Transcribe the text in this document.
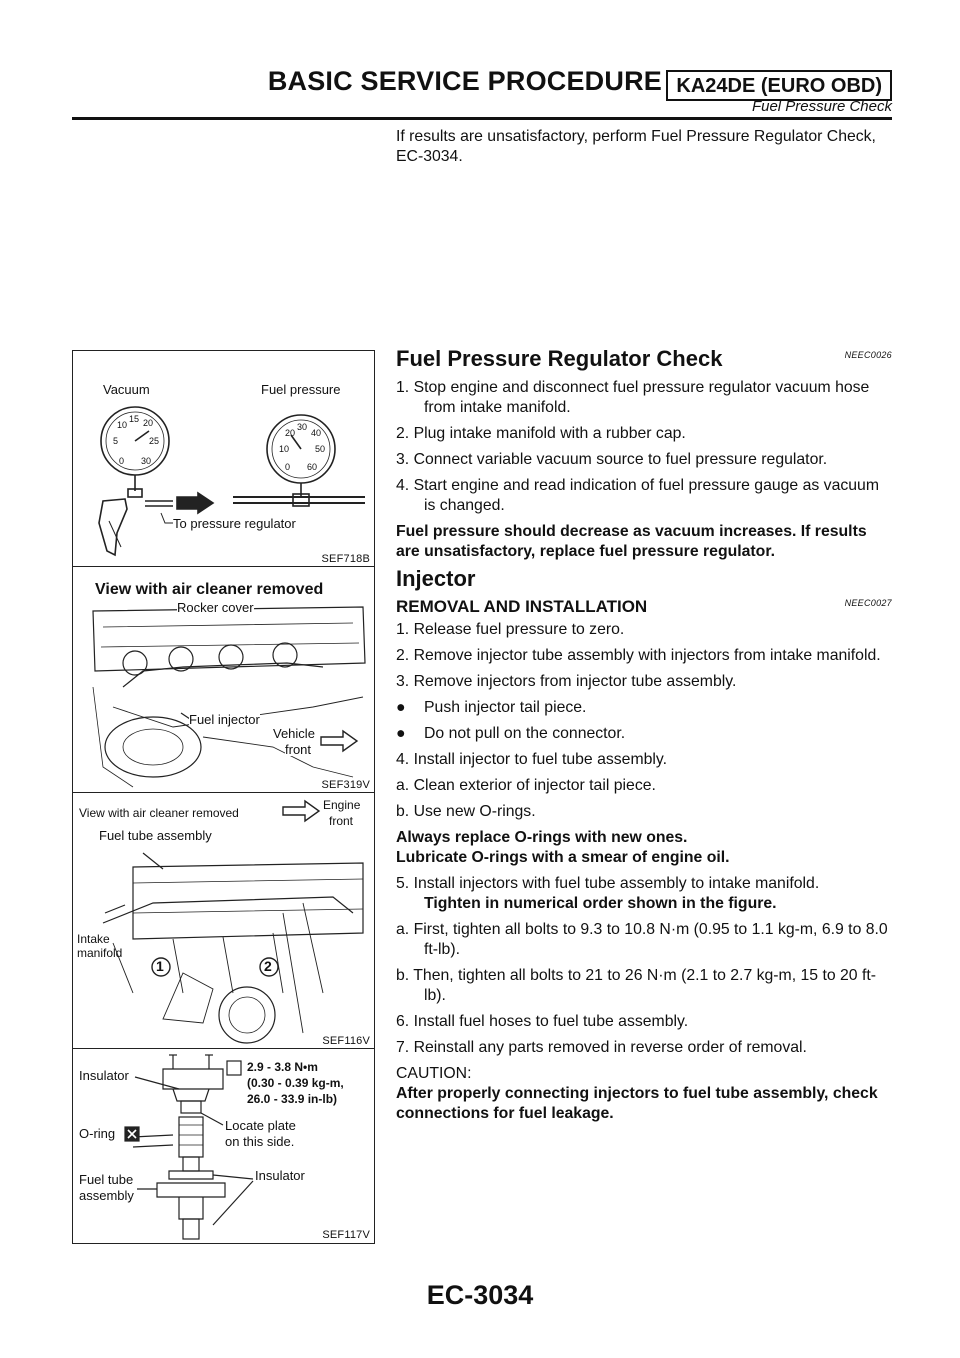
BASIC SERVICE PROCEDURE KA24DE (EURO OBD)
Fuel Pressure Check

If results are unsatisfactory, perform Fuel Pressure Regulator Check, EC-3034.

Fuel Pressure Regulator Check	NEEC0026

1. Stop engine and disconnect fuel pressure regulator vacuum hose from intake manifold.

2. Plug intake manifold with a rubber cap.

3. Connect variable vacuum source to fuel pressure regulator.

4. Start engine and read indication of fuel pressure gauge as vacuum is changed.

Fuel pressure should decrease as vacuum increases. If results are unsatisfactory, replace fuel pressure regulator.

Injector
REMOVAL AND INSTALLATION	NEEC0027

1. Release fuel pressure to zero.

2. Remove injector tube assembly with injectors from intake manifold.

3. Remove injectors from injector tube assembly.

● Push injector tail piece.

● Do not pull on the connector.

4. Install injector to fuel tube assembly.

a. Clean exterior of injector tail piece.

b. Use new O-rings.

Always replace O-rings with new ones.

Lubricate O-rings with a smear of engine oil.

5. Install injectors with fuel tube assembly to intake manifold.

Tighten in numerical order shown in the figure.

a. First, tighten all bolts to 9.3 to 10.8 N·m (0.95 to 1.1 kg-m, 6.9 to 8.0 ft-lb).

b. Then, tighten all bolts to 21 to 26 N·m (2.1 to 2.7 kg-m, 15 to 20 ft-lb).

6. Install fuel hoses to fuel tube assembly.

7. Reinstall any parts removed in reverse order of removal.

CAUTION:

After properly connecting injectors to fuel tube assembly, check connections for fuel leakage.

Vacuum	Fuel pressure
To pressure regulator
5
10
15 20
25
30
0
10
20
30
40
50
60
0
SEF718B
View with air cleaner removed
Rocker cover
Fuel injector
Vehicle
front
SEF319V
View with air cleaner removed
Engine
front
Fuel tube assembly
Intake
manifold
1	2
SEF116V
2.9 - 3.8 N•m
(0.30 - 0.39 kg-m,
26.0 - 33.9 in-lb)
Insulator
O-ring
Locate plate
on this side.
Fuel tube
assembly
Insulator
SEF117V
EC-3034
